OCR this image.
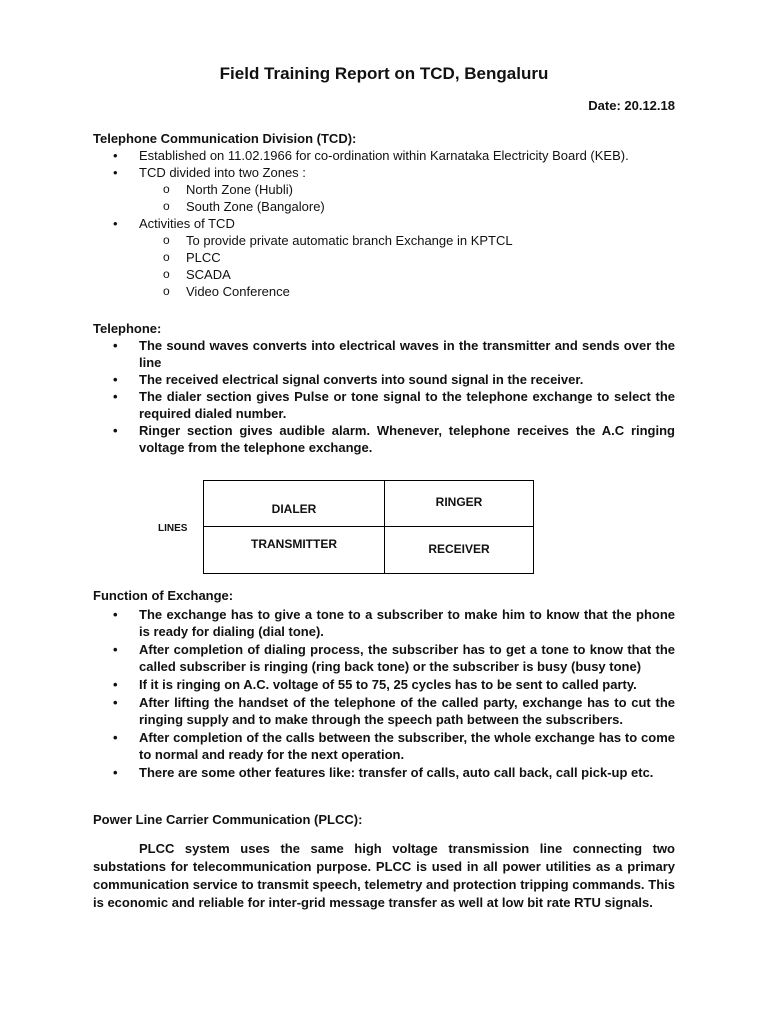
Field Training Report on TCD, Bengaluru
Date: 20.12.18

Telephone Communication Division (TCD):

• Established on 11.02.1966 for co-ordination within Karnataka Electricity Board (KEB).
• TCD divided into two Zones :
o North Zone (Hubli)
o South Zone (Bangalore)
• Activities of TCD
o To provide private automatic branch Exchange in KPTCL
o PLCC
o SCADA
o Video Conference

Telephone:

• The sound waves converts into electrical waves in the transmitter and sends over the line
• The received electrical signal converts into sound signal in the receiver.
• The dialer section gives Pulse or tone signal to the telephone exchange to select the required dialed number.
• Ringer section gives audible alarm. Whenever, telephone receives the A.C ringing voltage from the telephone exchange.
LINES
DIALER	RINGER
TRANSMITTER	RECEIVER

Function of Exchange:

• The exchange has to give a tone to a subscriber to make him to know that the phone is ready for dialing (dial tone).
• After completion of dialing process, the subscriber has to get a tone to know that the called subscriber is ringing (ring back tone) or the subscriber is busy (busy tone)
• If it is ringing on A.C. voltage of 55 to 75, 25 cycles has to be sent to called party.
• After lifting the handset of the telephone of the called party, exchange has to cut the ringing supply and to make through the speech path between the subscribers.
• After completion of the calls between the subscriber, the whole exchange has to come to normal and ready for the next operation.
• There are some other features like: transfer of calls, auto call back, call pick-up etc.

Power Line Carrier Communication (PLCC):

PLCC system uses the same high voltage transmission line connecting two substations for telecommunication purpose. PLCC is used in all power utilities as a primary communication service to transmit speech, telemetry and protection tripping commands. This is economic and reliable for inter-grid message transfer as well at low bit rate RTU signals.
